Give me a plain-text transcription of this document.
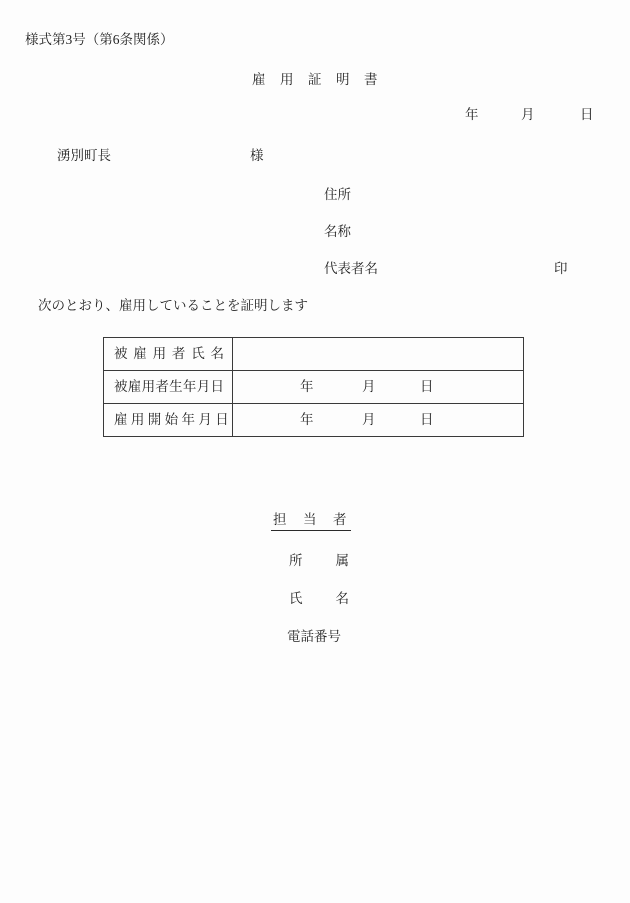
様式第3号（第6条関係）
雇　用　証　明　書
年	月	日
湧別町長	様
住所
名称
代表者名	印
次のとおり、雇用していることを証明します
被 雇 用 者 氏 名
被雇用者生年月日	年	月	日
雇 用 開 始 年 月 日	年	月	日
担　当　者
所　　属
氏　　名
電話番号
